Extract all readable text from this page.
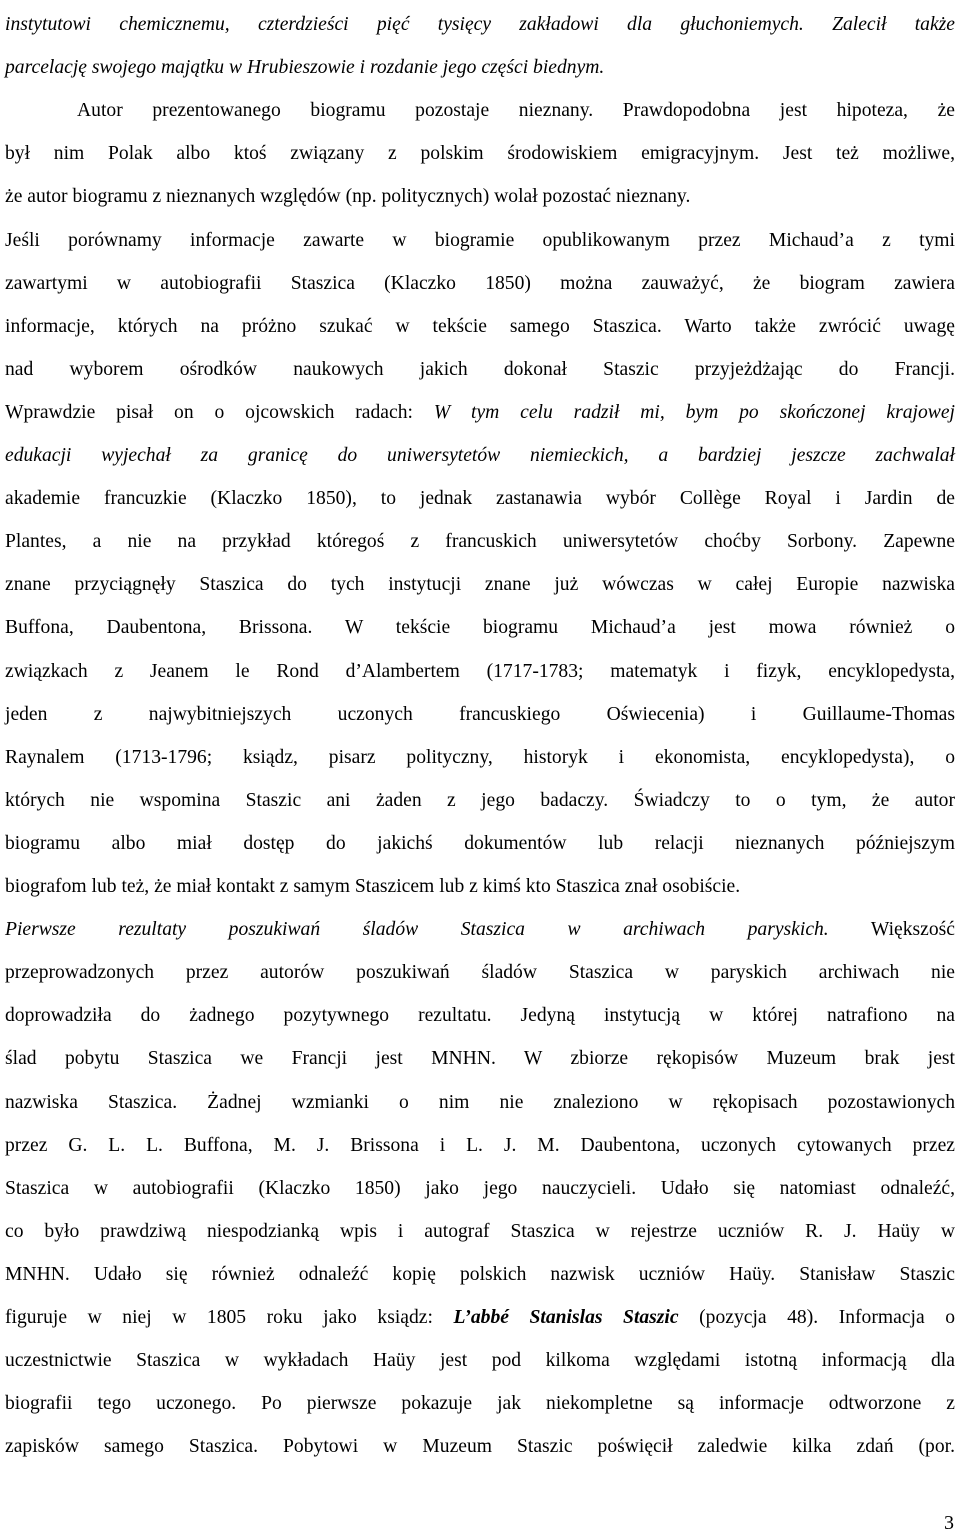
instytutowi chemicznemu, czterdzieści pięć tysięcy zakładowi dla głuchoniemych. Zalecił także
parcelację swojego majątku w Hrubieszowie i rozdanie jego części biednym.
Autor prezentowanego biogramu pozostaje nieznany. Prawdopodobna jest hipoteza, że
był nim Polak albo ktoś związany z polskim środowiskiem emigracyjnym. Jest też możliwe,
że autor biogramu z nieznanych względów (np. politycznych) wolał pozostać nieznany.
Jeśli porównamy informacje zawarte w biogramie opublikowanym przez Michaud’a z tymi
zawartymi w autobiografii Staszica (Klaczko 1850) można zauważyć, że biogram zawiera
informacje, których na próżno szukać w tekście samego Staszica. Warto także zwrócić uwagę
nad wyborem ośrodków naukowych jakich dokonał Staszic przyjeżdżając do Francji.
Wprawdzie pisał on o ojcowskich radach: W tym celu radził mi, bym po skończonej krajowej
edukacji wyjechał za granicę do uniwersytetów niemieckich, a bardziej jeszcze zachwalał
akademie francuzkie (Klaczko 1850), to jednak zastanawia wybór Collège Royal i Jardin de
Plantes, a nie na przykład któregoś z francuskich uniwersytetów choćby Sorbony. Zapewne
znane przyciągnęły Staszica do tych instytucji znane już wówczas w całej Europie nazwiska
Buffona, Daubentona, Brissona. W tekście biogramu Michaud’a jest mowa również o
związkach z Jeanem le Rond d’Alambertem (1717-1783; matematyk i fizyk, encyklopedysta,
jeden z najwybitniejszych uczonych francuskiego Oświecenia) i Guillaume-Thomas
Raynalem (1713-1796; ksiądz, pisarz polityczny, historyk i ekonomista, encyklopedysta), o
których nie wspomina Staszic ani żaden z jego badaczy. Świadczy to o tym, że autor
biogramu albo miał dostęp do jakichś dokumentów lub relacji nieznanych późniejszym
biografom lub też, że miał kontakt z samym Staszicem lub z kimś kto Staszica znał osobiście.
Pierwsze rezultaty poszukiwań śladów Staszica w archiwach paryskich. Większość
przeprowadzonych przez autorów poszukiwań śladów Staszica w paryskich archiwach nie
doprowadziła do żadnego pozytywnego rezultatu. Jedyną instytucją w której natrafiono na
ślad pobytu Staszica we Francji jest MNHN. W zbiorze rękopisów Muzeum brak jest
nazwiska Staszica. Żadnej wzmianki o nim nie znaleziono w rękopisach pozostawionych
przez G. L. L. Buffona, M. J. Brissona i L. J. M. Daubentona, uczonych cytowanych przez
Staszica w autobiografii (Klaczko 1850) jako jego nauczycieli. Udało się natomiast odnaleźć,
co było prawdziwą niespodzianką wpis i autograf Staszica w rejestrze uczniów R. J. Haüy w
MNHN. Udało się również odnaleźć kopię polskich nazwisk uczniów Haüy. Stanisław Staszic
figuruje w niej w 1805 roku jako ksiądz: L’abbé Stanislas Staszic (pozycja 48). Informacja o
uczestnictwie Staszica w wykładach Haüy jest pod kilkoma względami istotną informacją dla
biografii tego uczonego. Po pierwsze pokazuje jak niekompletne są informacje odtworzone z
zapisków samego Staszica. Pobytowi w Muzeum Staszic poświęcił zaledwie kilka zdań (por.
3
